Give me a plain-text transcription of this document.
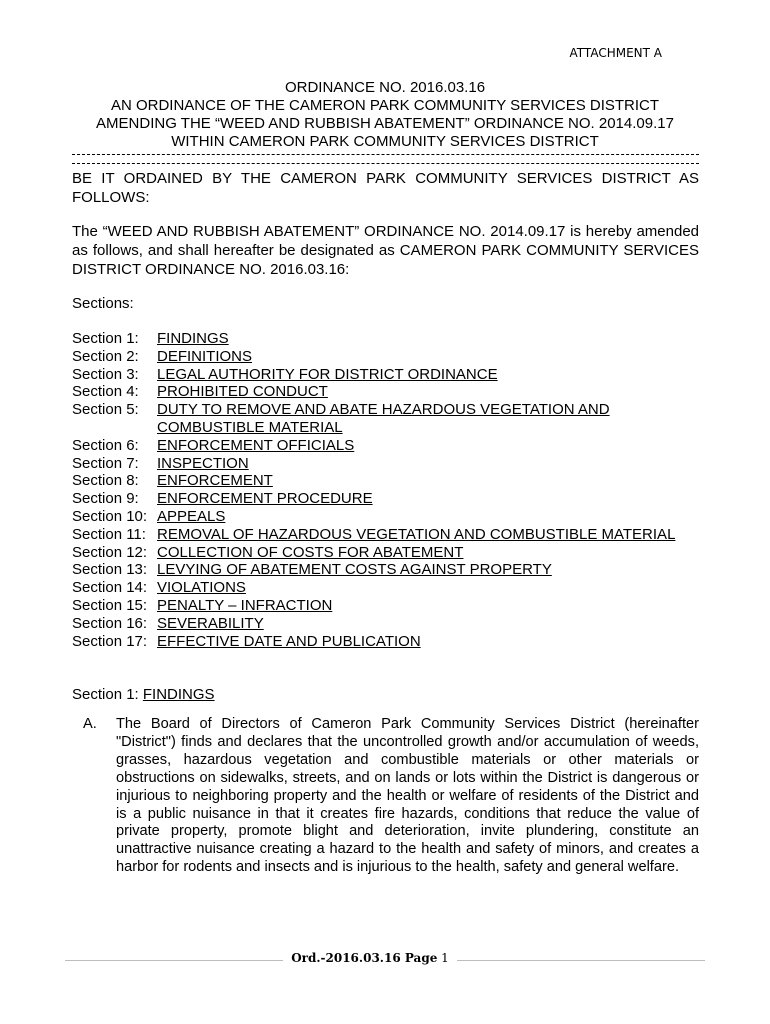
ATTACHMENT A
ORDINANCE NO. 2016.03.16
AN ORDINANCE OF THE CAMERON PARK COMMUNITY SERVICES DISTRICT
AMENDING THE “WEED AND RUBBISH ABATEMENT” ORDINANCE NO. 2014.09.17
WITHIN CAMERON PARK COMMUNITY SERVICES DISTRICT
BE IT ORDAINED BY THE CAMERON PARK COMMUNITY SERVICES DISTRICT AS FOLLOWS:
The “WEED AND RUBBISH ABATEMENT” ORDINANCE NO. 2014.09.17 is hereby amended as follows, and shall hereafter be designated as CAMERON PARK COMMUNITY SERVICES DISTRICT ORDINANCE NO. 2016.03.16:
Sections:
Section 1:	FINDINGS
Section 2:	DEFINITIONS
Section 3:	LEGAL AUTHORITY FOR DISTRICT ORDINANCE
Section 4:	PROHIBITED CONDUCT
Section 5:	DUTY TO REMOVE AND ABATE HAZARDOUS VEGETATION AND COMBUSTIBLE MATERIAL
Section 6:	ENFORCEMENT OFFICIALS
Section 7:	INSPECTION
Section 8:	ENFORCEMENT
Section 9:	ENFORCEMENT PROCEDURE
Section 10: APPEALS
Section 11: REMOVAL OF HAZARDOUS VEGETATION AND COMBUSTIBLE MATERIAL
Section 12: COLLECTION OF COSTS FOR ABATEMENT
Section 13: LEVYING OF ABATEMENT COSTS AGAINST PROPERTY
Section 14: VIOLATIONS
Section 15: PENALTY – INFRACTION
Section 16: SEVERABILITY
Section 17: EFFECTIVE DATE AND PUBLICATION
Section 1: FINDINGS
A.	The Board of Directors of Cameron Park Community Services District (hereinafter "District") finds and declares that the uncontrolled growth and/or accumulation of weeds, grasses, hazardous vegetation and combustible materials or other materials or obstructions on sidewalks, streets, and on lands or lots within the District is dangerous or injurious to neighboring property and the health or welfare of residents of the District and is a public nuisance in that it creates fire hazards, conditions that reduce the value of private property, promote blight and deterioration, invite plundering, constitute an unattractive nuisance creating a hazard to the health and safety of minors, and creates a harbor for rodents and insects and is injurious to the health, safety and general welfare.
Ord.-2016.03.16 Page 1
